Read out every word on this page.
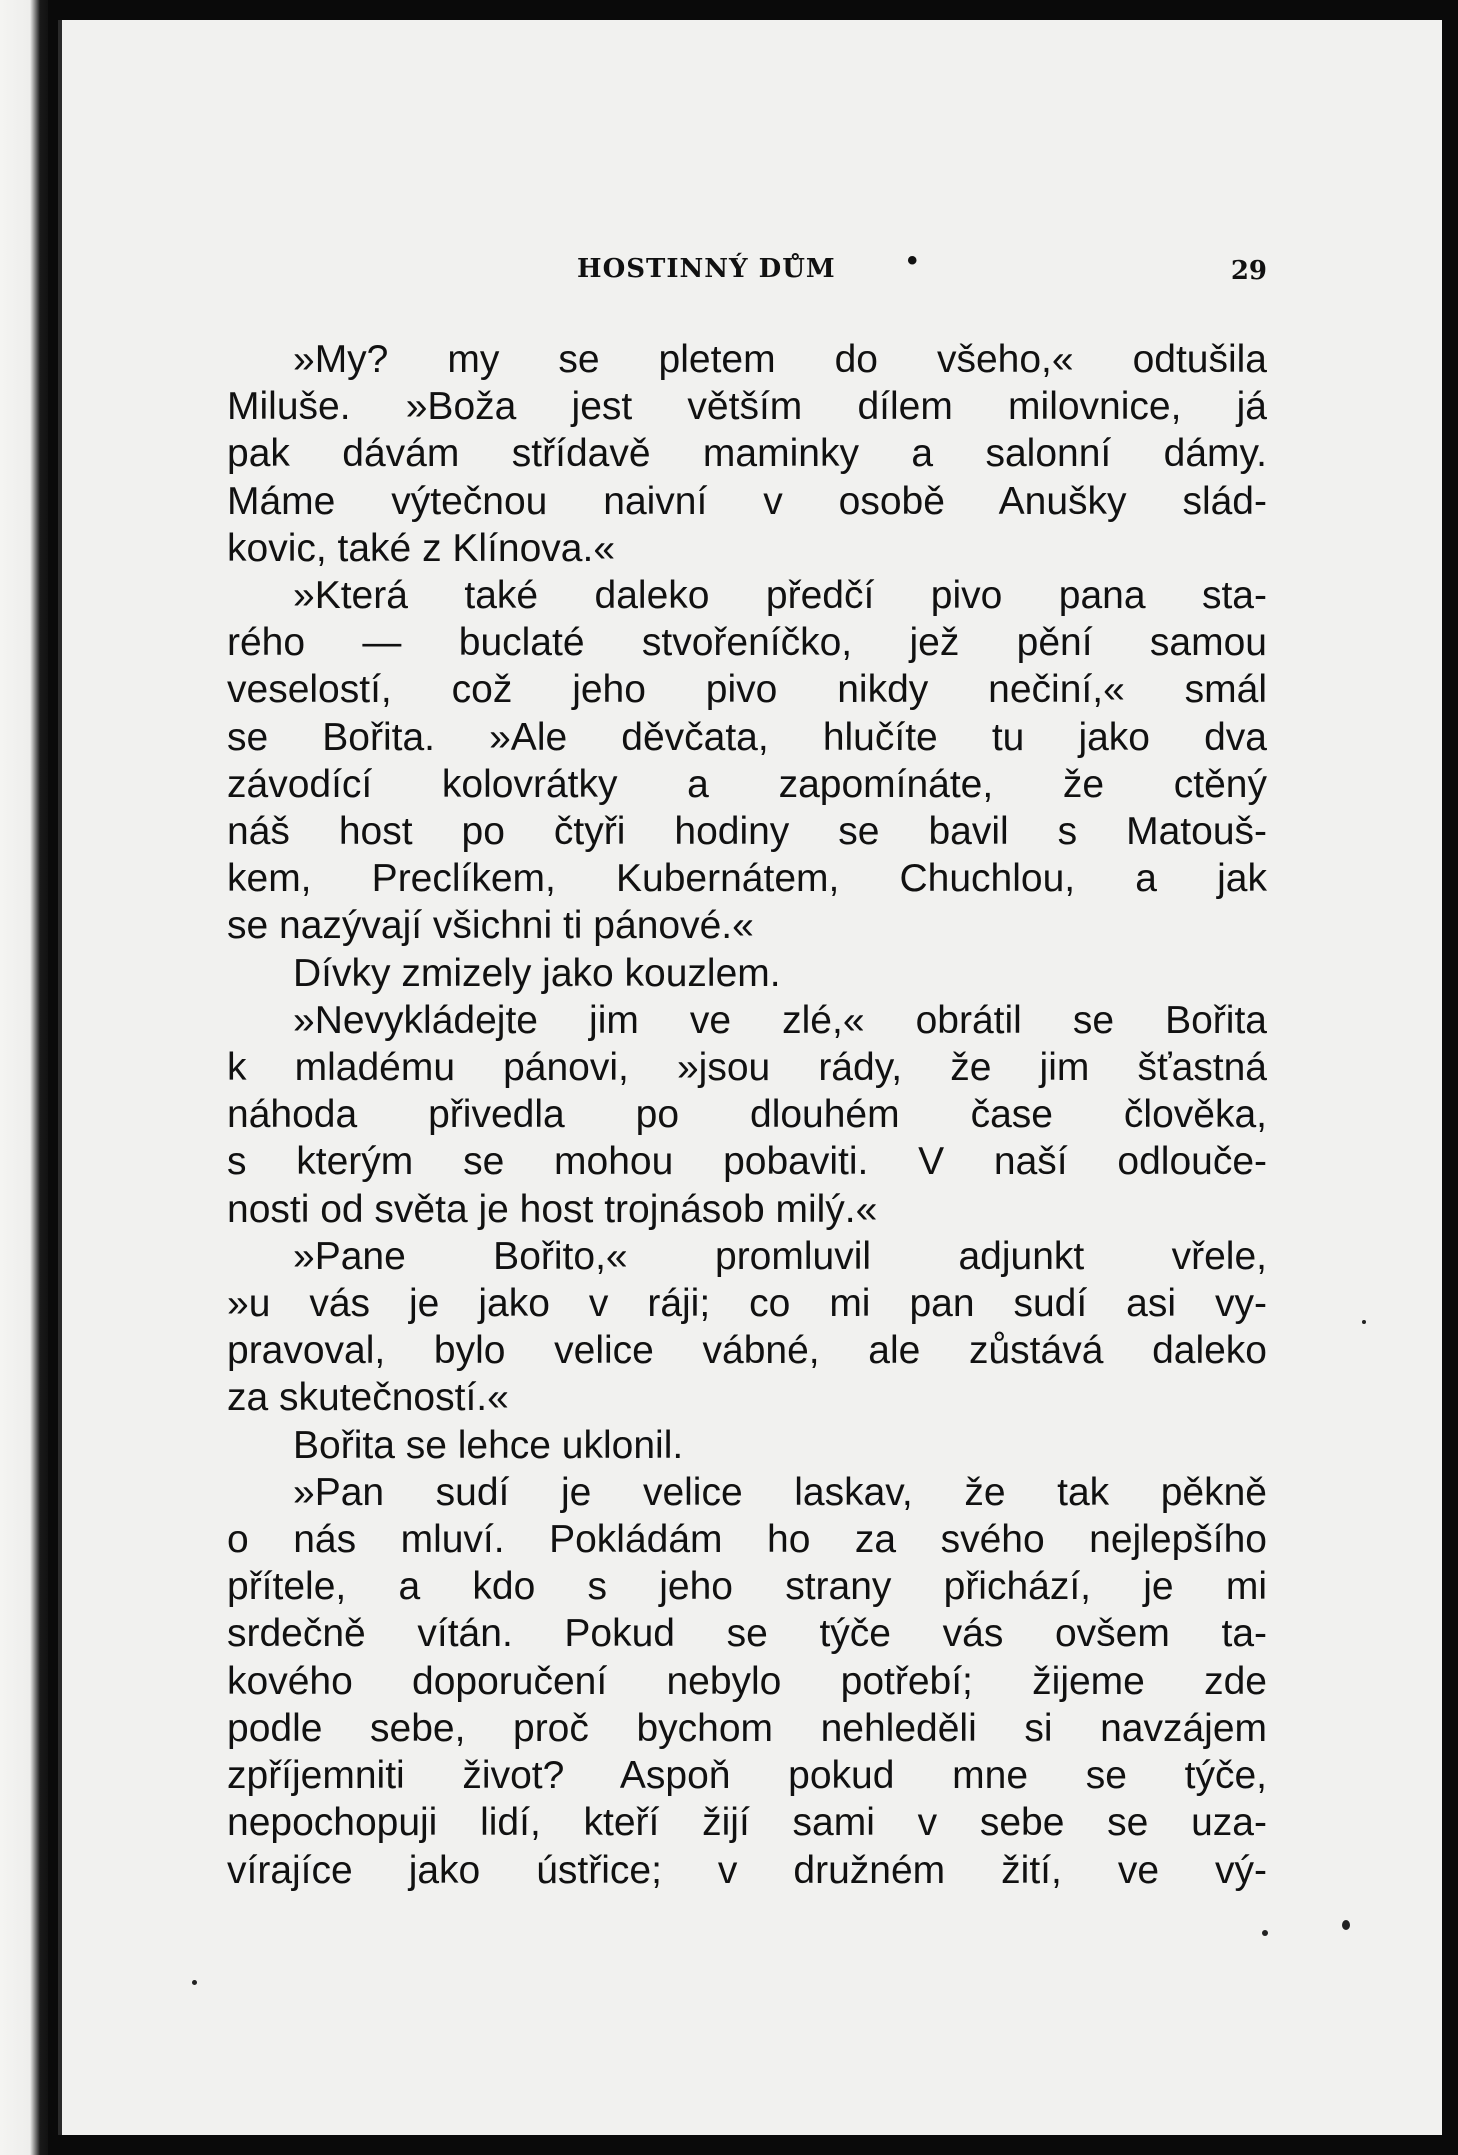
HOSTINNÝ DŮM •	29

»My? my se pletem do všeho,« odtušila

Miluše. »Boža jest větším dílem milovnice, já

pak dávám střídavě maminky a salonní dámy.

Máme výtečnou naivní v osobě Anušky slád-

kovic, také z Klínova.«

»Která také daleko předčí pivo pana sta-

rého — buclaté stvořeníčko, jež pění samou

veselostí, což jeho pivo nikdy nečiní,« smál

se Bořita. »Ale děvčata, hlučíte tu jako dva

závodící kolovrátky a zapomínáte, že ctěný

náš host po čtyři hodiny se bavil s Matouš-

kem, Preclíkem, Kubernátem, Chuchlou, a jak

se nazývají všichni ti pánové.«

Dívky zmizely jako kouzlem.

»Nevykládejte jim ve zlé,« obrátil se Bořita

k mladému pánovi, »jsou rády, že jim šťastná

náhoda přivedla po dlouhém čase člověka,

s kterým se mohou pobaviti. V naší odlouče-

nosti od světa je host trojnásob milý.«

»Pane Bořito,« promluvil adjunkt vřele,

»u vás je jako v ráji; co mi pan sudí asi vy-

pravoval, bylo velice vábné, ale zůstává daleko

za skutečností.«

Bořita se lehce uklonil.

»Pan sudí je velice laskav, že tak pěkně

o nás mluví. Pokládám ho za svého nejlepšího

přítele, a kdo s jeho strany přichází, je mi

srdečně vítán. Pokud se týče vás ovšem ta-

kového doporučení nebylo potřebí; žijeme zde

podle sebe, proč bychom nehleděli si navzájem

zpříjemniti život? Aspoň pokud mne se týče,

nepochopuji lidí, kteří žijí sami v sebe se uza-

vírajíce jako ústřice; v družném žití, ve vý-
